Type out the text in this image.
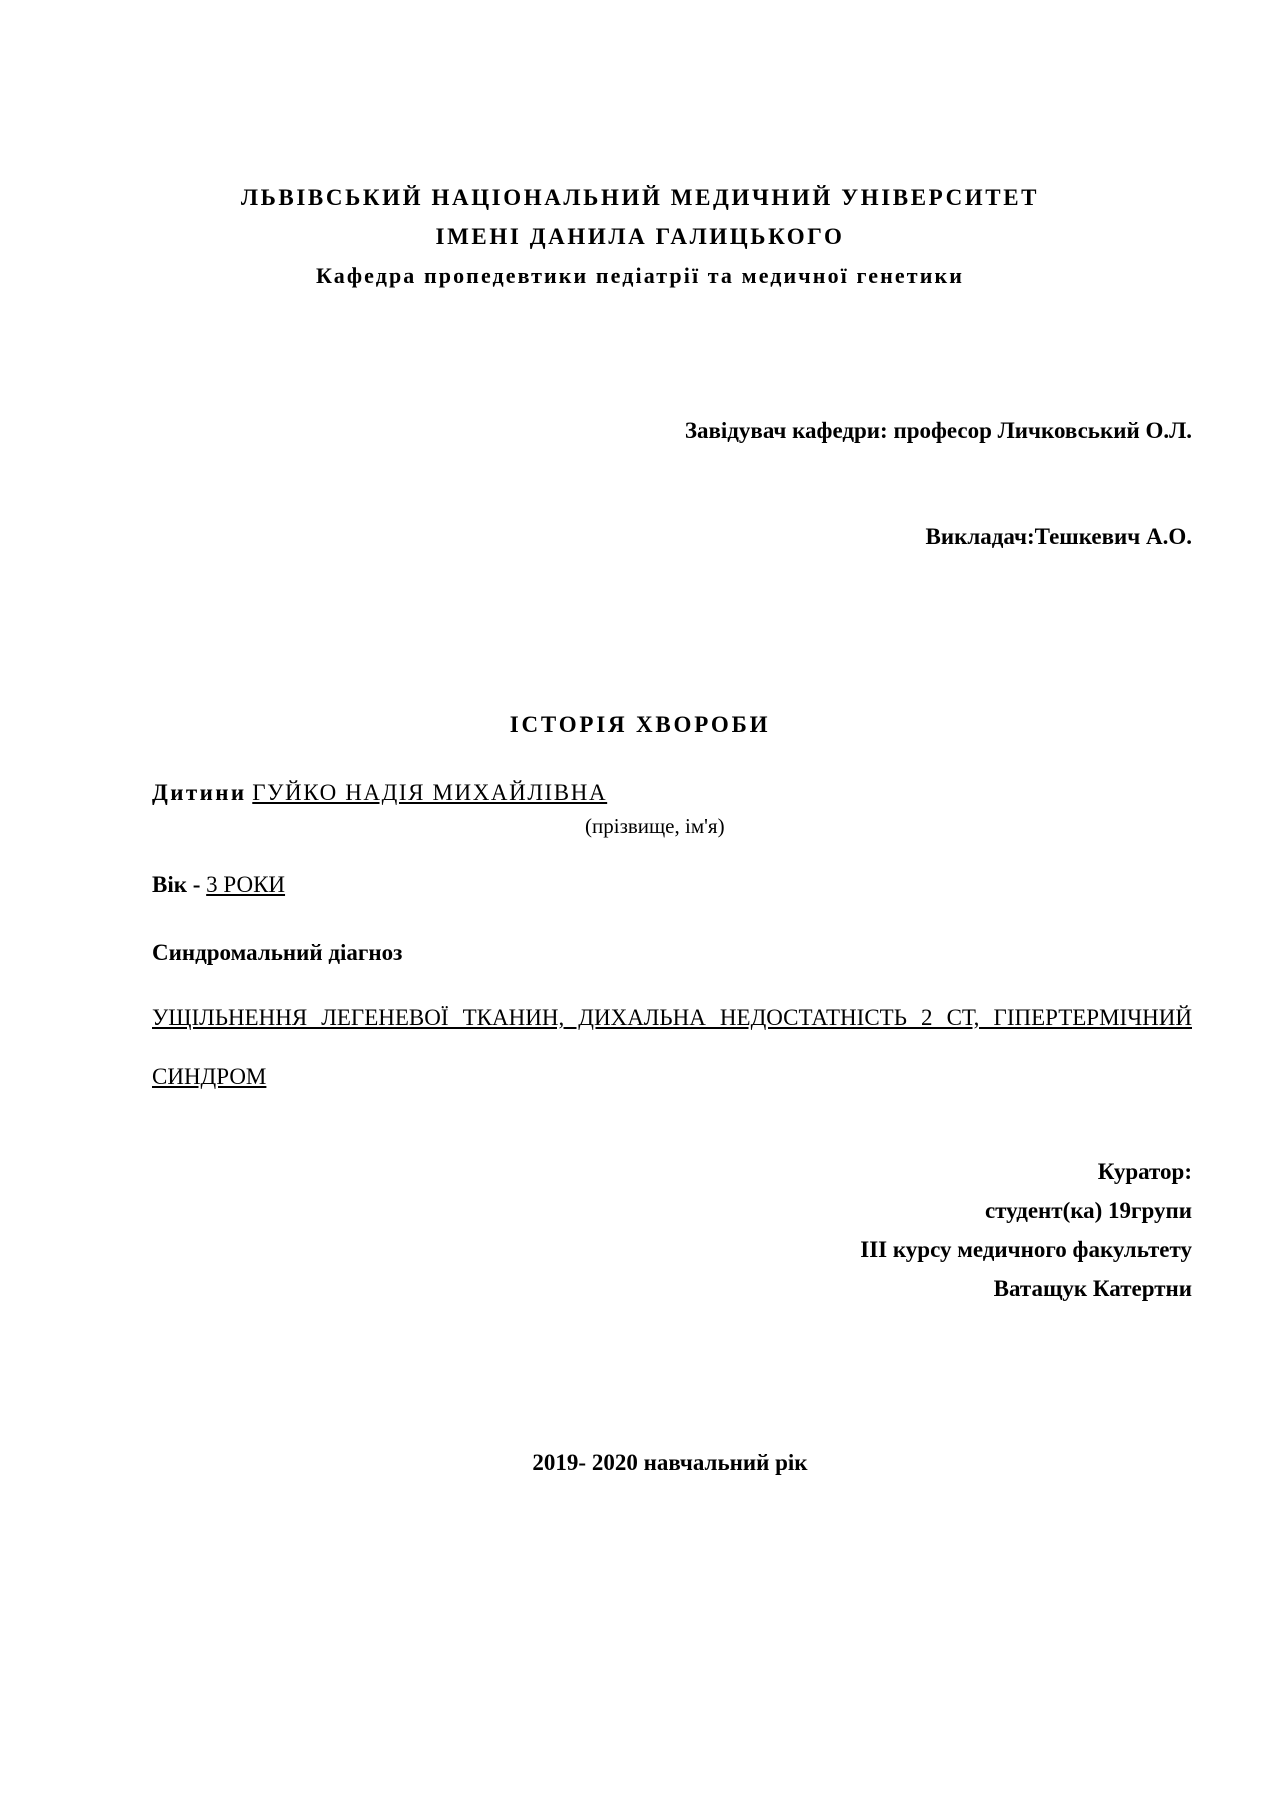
ЛЬВІВСЬКИЙ НАЦІОНАЛЬНИЙ МЕДИЧНИЙ УНІВЕРСИТЕТ
ІМЕНІ ДАНИЛА ГАЛИЦЬКОГО
Кафедра пропедевтики педіатрії та медичної генетики
Завідувач кафедри: професор Личковський О.Л.
Викладач:Тешкевич А.О.
ІСТОРІЯ ХВОРОБИ
Дитини ГУЙКО НАДІЯ МИХАЙЛІВНА
(прізвище, ім'я)
Вік - 3 РОКИ
Синдромальний діагноз
УЩІЛЬНЕННЯ ЛЕГЕНЕВОЇ ТКАНИН, ДИХАЛЬНА НЕДОСТАТНІСТЬ 2 СТ, ГІПЕРТЕРМІЧНИЙ СИНДРОМ
Куратор:
студент(ка) 19групи
ІІІ курсу медичного факультету
Ватащук Катертни
2019- 2020 навчальний рік
